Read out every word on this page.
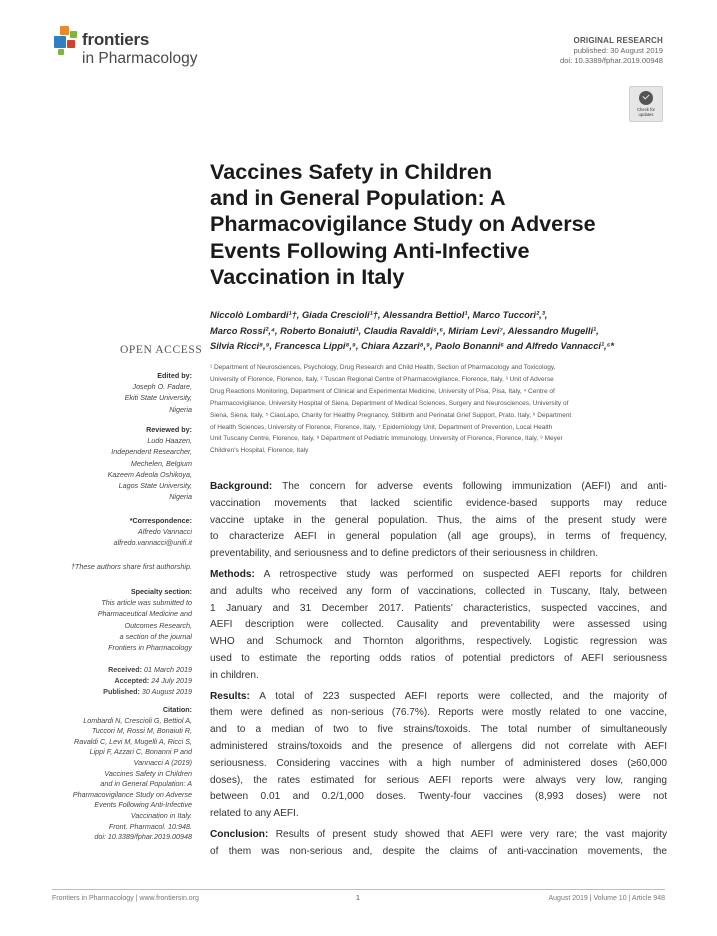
frontiers
in Pharmacology
ORIGINAL RESEARCH
published: 30 August 2019
doi: 10.3389/fphar.2019.00948
Check for updates
Vaccines Safety in Children
and in General Population: A
Pharmacovigilance Study on Adverse
Events Following Anti-Infective
Vaccination in Italy
Niccolò Lombardi¹†, Giada Crescioli¹†, Alessandra Bettiol¹, Marco Tuccori²,³,
Marco Rossi²,⁴, Roberto Bonaiuti¹, Claudia Ravaldi⁵,⁶, Miriam Levi⁷, Alessandro Mugelli¹,
Silvia Ricci⁸,⁹, Francesca Lippi⁸,⁹, Chiara Azzari⁸,⁹, Paolo Bonanni⁶ and Alfredo Vannacci¹,⁵*
¹ Department of Neurosciences, Psychology, Drug Research and Child Health, Section of Pharmacology and Toxicology,
University of Florence, Florence, Italy, ² Tuscan Regional Centre of Pharmacovigilance, Florence, Italy, ³ Unit of Adverse
Drug Reactions Monitoring, Department of Clinical and Experimental Medicine, University of Pisa, Pisa, Italy, ⁴ Centre of
Pharmacovigilance, University Hospital of Siena, Department of Medical Sciences, Surgery and Neurosciences, University of
Siena, Siena, Italy, ⁵ CiaoLapo, Charity for Healthy Pregnancy, Stillbirth and Perinatal Grief Support, Prato, Italy, ⁶ Department
of Health Sciences, University of Florence, Florence, Italy, ⁷ Epidemiology Unit, Department of Prevention, Local Health
Unit Tuscany Centre, Florence, Italy, ⁸ Department of Pediatric Immunology, University of Florence, Florence, Italy, ⁹ Meyer
Children's Hospital, Florence, Italy
OPEN ACCESS
Edited by:
Joseph O. Fadare,
Ekiti State University,
Nigeria
Reviewed by:
Ludo Haazen,
Independent Researcher,
Mechelen, Belgium
Kazeem Adeola Oshikoya,
Lagos State University,
Nigeria
*Correspondence:
Alfredo Vannacci
alfredo.vannacci@unifi.it
†These authors share first authorship.
Specialty section:
This article was submitted to
Pharmaceutical Medicine and
Outcomes Research,
a section of the journal
Frontiers in Pharmacology
Received: 01 March 2019
Accepted: 24 July 2019
Published: 30 August 2019
Citation:
Lombardi N, Crescioli G, Bettiol A,
Tuccori M, Rossi M, Bonaiuti R,
Ravaldi C, Levi M, Mugelli A, Ricci S,
Lippi F, Azzari C, Bonanni P and
Vannacci A (2019)
Vaccines Safety in Children
and in General Population: A
Pharmacovigilance Study on Adverse
Events Following Anti-Infective
Vaccination in Italy.
Front. Pharmacol. 10:948.
doi: 10.3389/fphar.2019.00948
Background: The concern for adverse events following immunization (AEFI) and anti-
vaccination movements that lacked scientific evidence-based supports may reduce
vaccine uptake in the general population. Thus, the aims of the present study were
to characterize AEFI in general population (all age groups), in terms of frequency,
preventability, and seriousness and to define predictors of their seriousness in children.
Methods: A retrospective study was performed on suspected AEFI reports for children
and adults who received any form of vaccinations, collected in Tuscany, Italy, between
1 January and 31 December 2017. Patients' characteristics, suspected vaccines, and
AEFI description were collected. Causality and preventability were assessed using
WHO and Schumock and Thornton algorithms, respectively. Logistic regression was
used to estimate the reporting odds ratios of potential predictors of AEFI seriousness
in children.
Results: A total of 223 suspected AEFI reports were collected, and the majority of
them were defined as non-serious (76.7%). Reports were mostly related to one vaccine,
and to a median of two to five strains/toxoids. The total number of simultaneously
administered strains/toxoids and the presence of allergens did not correlate with AEFI
seriousness. Considering vaccines with a high number of administered doses (≥60,000
doses), the rates estimated for serious AEFI reports were always very low, ranging
between 0.01 and 0.2/1,000 doses. Twenty-four vaccines (8,993 doses) were not
related to any AEFI.
Conclusion: Results of present study showed that AEFI were very rare; the vast majority
of them was non-serious and, despite the claims of anti-vaccination movements, the
Frontiers in Pharmacology | www.frontiersin.org	1	August 2019 | Volume 10 | Article 948
